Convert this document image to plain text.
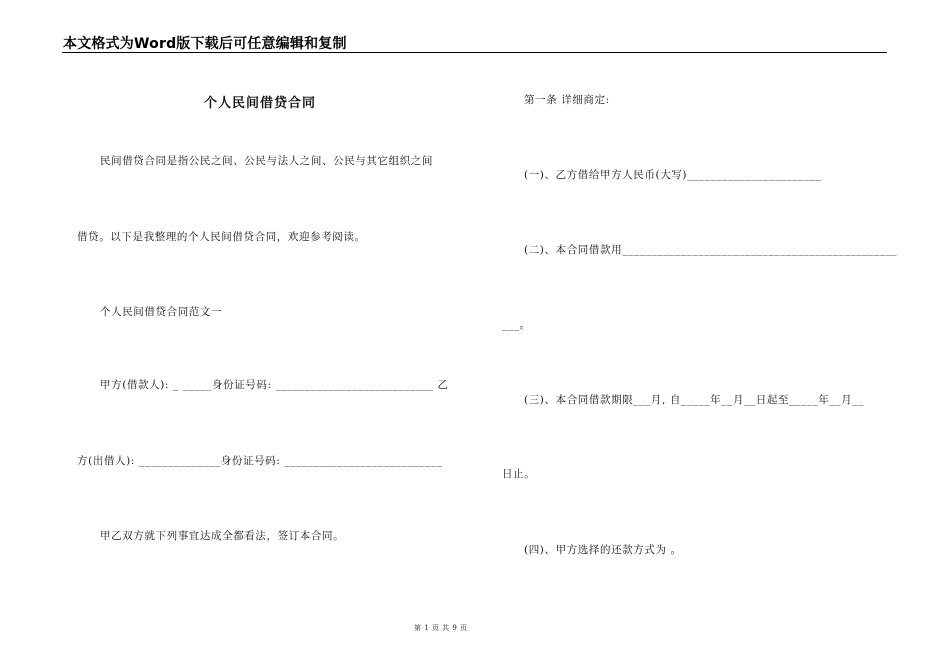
本文格式为Word版下载后可任意编辑和复制
个人民间借贷合同
民间借贷合同是指公民之间、公民与法人之间、公民与其它组织之间
借贷。以下是我整理的个人民间借贷合同，欢迎参考阅读。
个人民间借贷合同范文一
甲方(借款人): _ _____身份证号码: ___________________________ 乙
方(出借人): ______________身份证号码: ___________________________
甲乙双方就下列事宜达成全都看法，签订本合同。
第一条 详细商定:
(一)、乙方借给甲方人民币(大写)_______________________
(二)、本合同借款用_______________________________________________
___。
(三)、本合同借款期限___月, 自_____年__月__日起至_____年__月__
日止。
(四)、甲方选择的还款方式为 。
第 1 页 共 9 页
